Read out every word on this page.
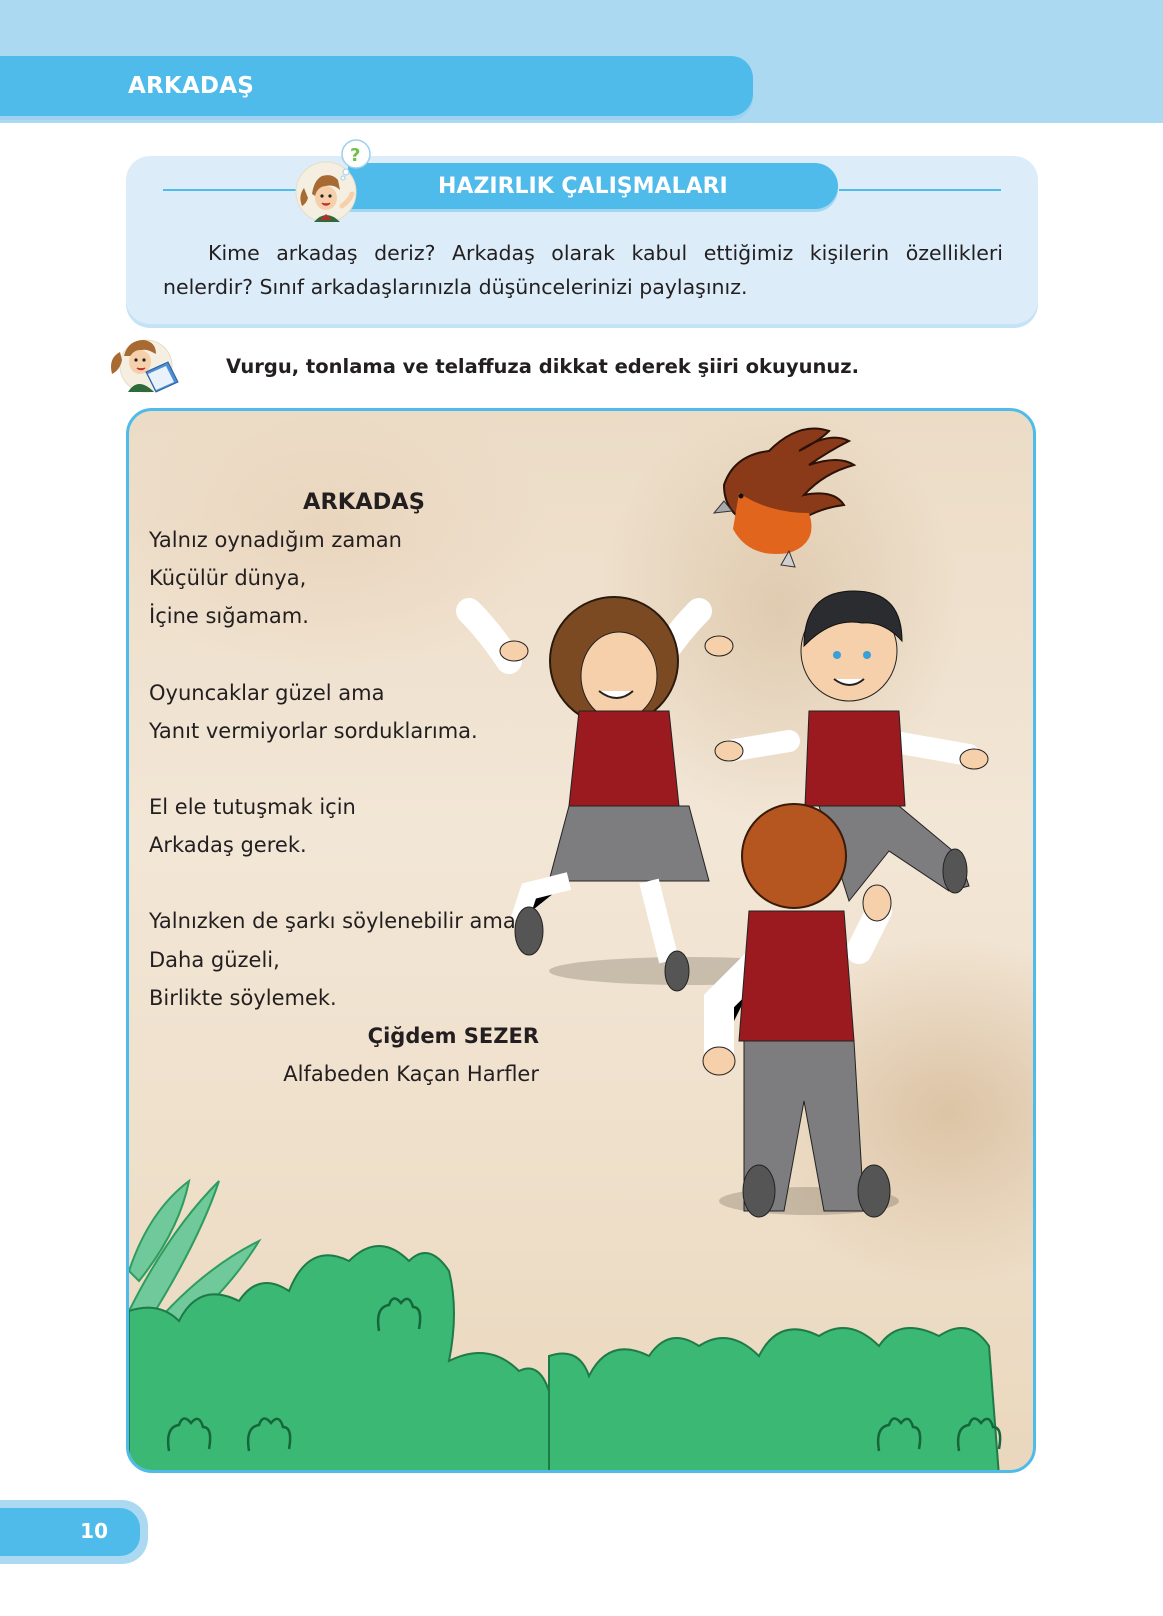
ARKADAŞ
HAZIRLIK ÇALIŞMALARI
?

Kime arkadaş deriz? Arkadaş olarak kabul ettiğimiz kişilerin özellikleri nelerdir? Sınıf arkadaşlarınızla düşüncelerinizi paylaşınız.

Vurgu, tonlama ve telaffuza dikkat ederek şiiri okuyunuz.
ARKADAŞ
Yalnız oynadığım zaman
Küçülür dünya,
İçine sığamam.
Oyuncaklar güzel ama
Yanıt vermiyorlar sorduklarıma.
El ele tutuşmak için
Arkadaş gerek.
Yalnızken de şarkı söylenebilir ama
Daha güzeli,
Birlikte söylemek.
Çiğdem SEZER
Alfabeden Kaçan Harfler
10
